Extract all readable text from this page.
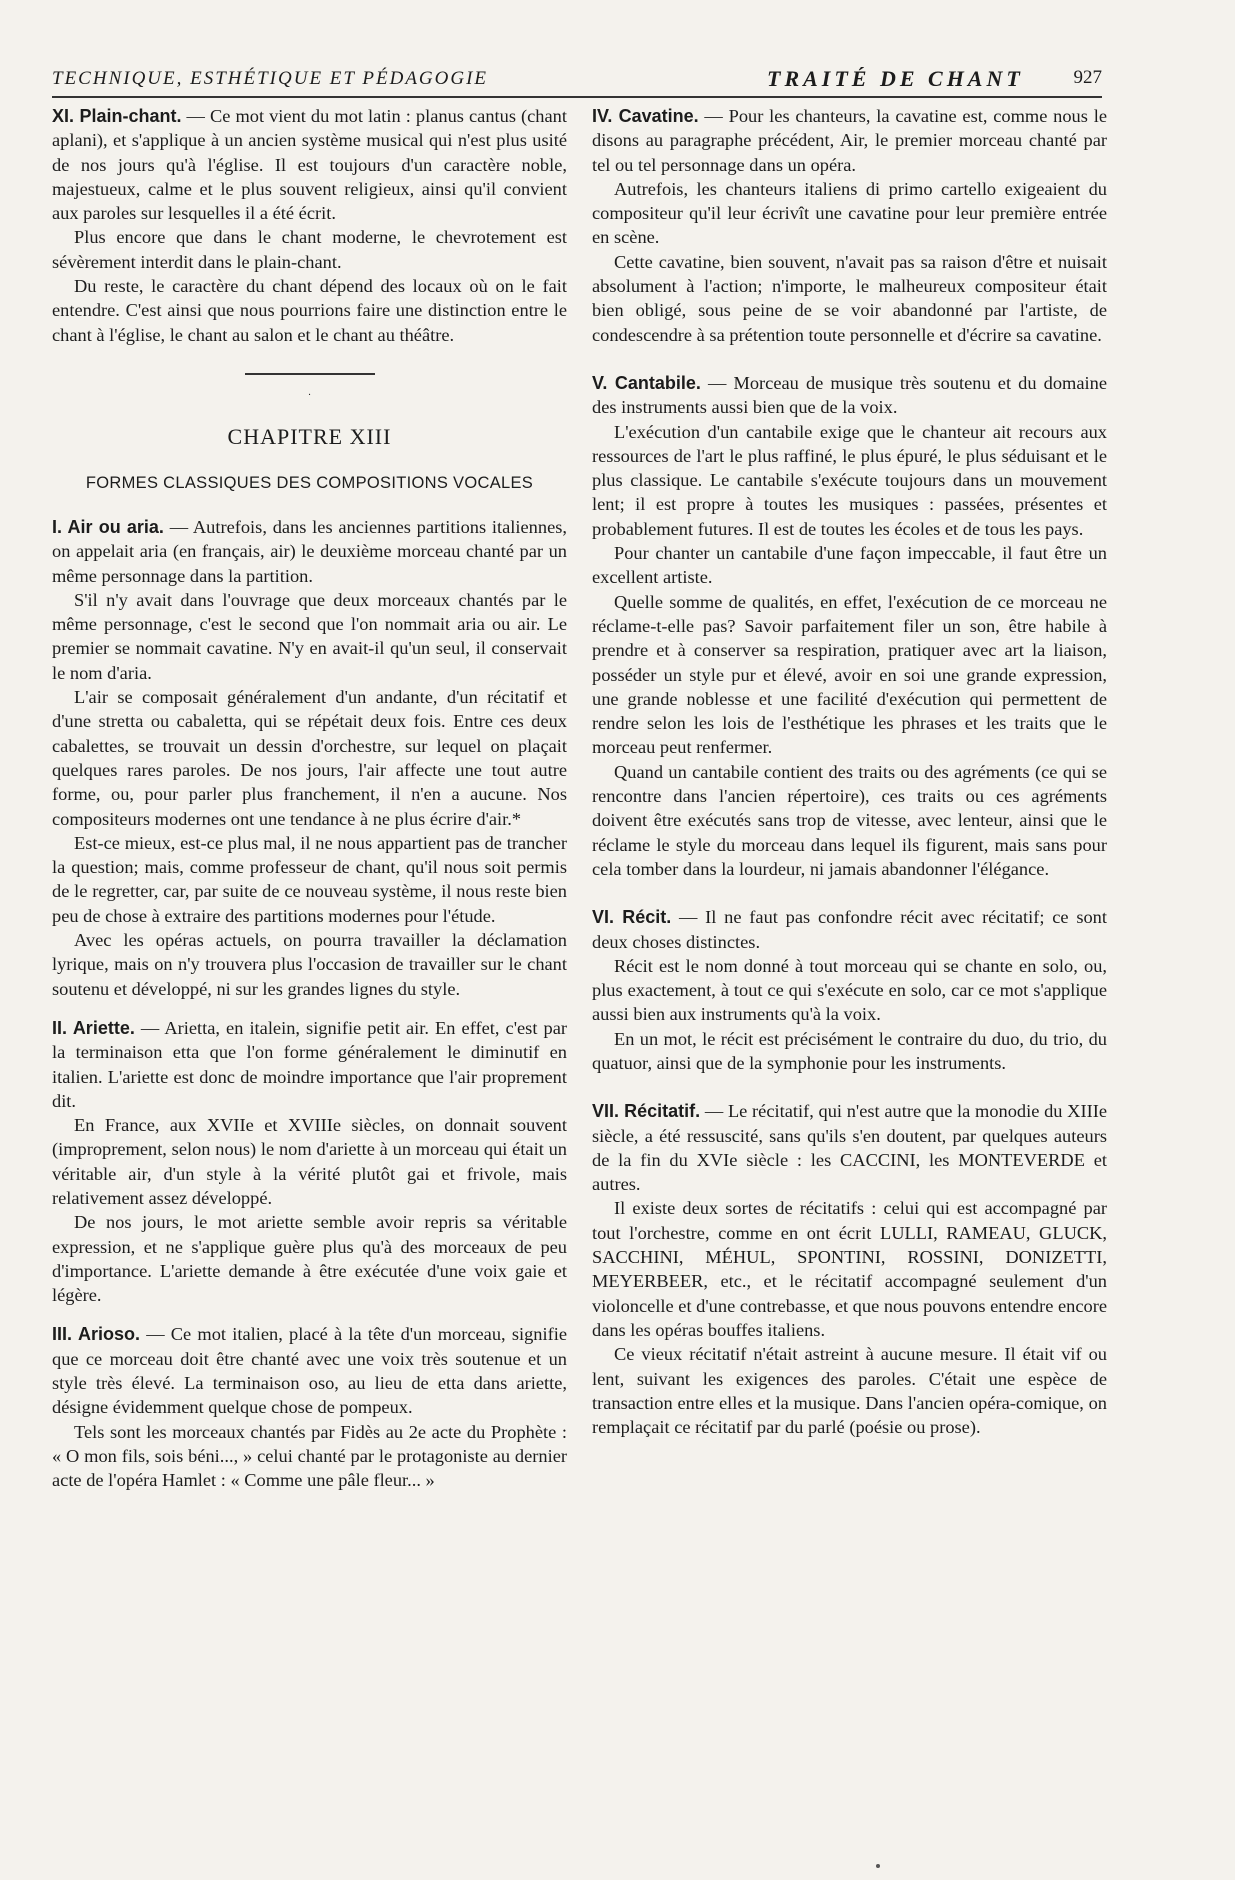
TECHNIQUE, ESTHÉTIQUE ET PÉDAGOGIE	TRAITÉ DE CHANT	927

XI. Plain-chant. — Ce mot vient du mot latin : planus cantus (chant aplani), et s'applique à un ancien système musical qui n'est plus usité de nos jours qu'à l'église. Il est toujours d'un caractère noble, majestueux, calme et le plus souvent religieux, ainsi qu'il convient aux paroles sur lesquelles il a été écrit.

Plus encore que dans le chant moderne, le chevrotement est sévèrement interdit dans le plain-chant.

Du reste, le caractère du chant dépend des locaux où on le fait entendre. C'est ainsi que nous pourrions faire une distinction entre le chant à l'église, le chant au salon et le chant au théâtre.

·
CHAPITRE XIII
FORMES CLASSIQUES DES COMPOSITIONS VOCALES

I. Air ou aria. — Autrefois, dans les anciennes partitions italiennes, on appelait aria (en français, air) le deuxième morceau chanté par un même personnage dans la partition.

S'il n'y avait dans l'ouvrage que deux morceaux chantés par le même personnage, c'est le second que l'on nommait aria ou air. Le premier se nommait cavatine. N'y en avait-il qu'un seul, il conservait le nom d'aria.

L'air se composait généralement d'un andante, d'un récitatif et d'une stretta ou cabaletta, qui se répétait deux fois. Entre ces deux cabalettes, se trouvait un dessin d'orchestre, sur lequel on plaçait quelques rares paroles. De nos jours, l'air affecte une tout autre forme, ou, pour parler plus franchement, il n'en a aucune. Nos compositeurs modernes ont une tendance à ne plus écrire d'air.*

Est-ce mieux, est-ce plus mal, il ne nous appartient pas de trancher la question; mais, comme professeur de chant, qu'il nous soit permis de le regretter, car, par suite de ce nouveau système, il nous reste bien peu de chose à extraire des partitions modernes pour l'étude.

Avec les opéras actuels, on pourra travailler la déclamation lyrique, mais on n'y trouvera plus l'occasion de travailler sur le chant soutenu et développé, ni sur les grandes lignes du style.

II. Ariette. — Arietta, en italein, signifie petit air. En effet, c'est par la terminaison etta que l'on forme généralement le diminutif en italien. L'ariette est donc de moindre importance que l'air proprement dit.

En France, aux XVIIe et XVIIIe siècles, on donnait souvent (improprement, selon nous) le nom d'ariette à un morceau qui était un véritable air, d'un style à la vérité plutôt gai et frivole, mais relativement assez développé.

De nos jours, le mot ariette semble avoir repris sa véritable expression, et ne s'applique guère plus qu'à des morceaux de peu d'importance. L'ariette demande à être exécutée d'une voix gaie et légère.

III. Arioso. — Ce mot italien, placé à la tête d'un morceau, signifie que ce morceau doit être chanté avec une voix très soutenue et un style très élevé. La terminaison oso, au lieu de etta dans ariette, désigne évidemment quelque chose de pompeux.

Tels sont les morceaux chantés par Fidès au 2e acte du Prophète : « O mon fils, sois béni..., » celui chanté par le protagoniste au dernier acte de l'opéra Hamlet : « Comme une pâle fleur... »

IV. Cavatine. — Pour les chanteurs, la cavatine est, comme nous le disons au paragraphe précédent, Air, le premier morceau chanté par tel ou tel personnage dans un opéra.

Autrefois, les chanteurs italiens di primo cartello exigeaient du compositeur qu'il leur écrivît une cavatine pour leur première entrée en scène.

Cette cavatine, bien souvent, n'avait pas sa raison d'être et nuisait absolument à l'action; n'importe, le malheureux compositeur était bien obligé, sous peine de se voir abandonné par l'artiste, de condescendre à sa prétention toute personnelle et d'écrire sa cavatine.

V. Cantabile. — Morceau de musique très soutenu et du domaine des instruments aussi bien que de la voix.

L'exécution d'un cantabile exige que le chanteur ait recours aux ressources de l'art le plus raffiné, le plus épuré, le plus séduisant et le plus classique. Le cantabile s'exécute toujours dans un mouvement lent; il est propre à toutes les musiques : passées, présentes et probablement futures. Il est de toutes les écoles et de tous les pays.

Pour chanter un cantabile d'une façon impeccable, il faut être un excellent artiste.

Quelle somme de qualités, en effet, l'exécution de ce morceau ne réclame-t-elle pas? Savoir parfaitement filer un son, être habile à prendre et à conserver sa respiration, pratiquer avec art la liaison, posséder un style pur et élevé, avoir en soi une grande expression, une grande noblesse et une facilité d'exécution qui permettent de rendre selon les lois de l'esthétique les phrases et les traits que le morceau peut renfermer.

Quand un cantabile contient des traits ou des agréments (ce qui se rencontre dans l'ancien répertoire), ces traits ou ces agréments doivent être exécutés sans trop de vitesse, avec lenteur, ainsi que le réclame le style du morceau dans lequel ils figurent, mais sans pour cela tomber dans la lourdeur, ni jamais abandonner l'élégance.

VI. Récit. — Il ne faut pas confondre récit avec récitatif; ce sont deux choses distinctes.

Récit est le nom donné à tout morceau qui se chante en solo, ou, plus exactement, à tout ce qui s'exécute en solo, car ce mot s'applique aussi bien aux instruments qu'à la voix.

En un mot, le récit est précisément le contraire du duo, du trio, du quatuor, ainsi que de la symphonie pour les instruments.

VII. Récitatif. — Le récitatif, qui n'est autre que la monodie du XIIIe siècle, a été ressuscité, sans qu'ils s'en doutent, par quelques auteurs de la fin du XVIe siècle : les CACCINI, les MONTEVERDE et autres.

Il existe deux sortes de récitatifs : celui qui est accompagné par tout l'orchestre, comme en ont écrit LULLI, RAMEAU, GLUCK, SACCHINI, MÉHUL, SPONTINI, ROSSINI, DONIZETTI, MEYERBEER, etc., et le récitatif accompagné seulement d'un violoncelle et d'une contrebasse, et que nous pouvons entendre encore dans les opéras bouffes italiens.

Ce vieux récitatif n'était astreint à aucune mesure. Il était vif ou lent, suivant les exigences des paroles. C'était une espèce de transaction entre elles et la musique. Dans l'ancien opéra-comique, on remplaçait ce récitatif par du parlé (poésie ou prose).
